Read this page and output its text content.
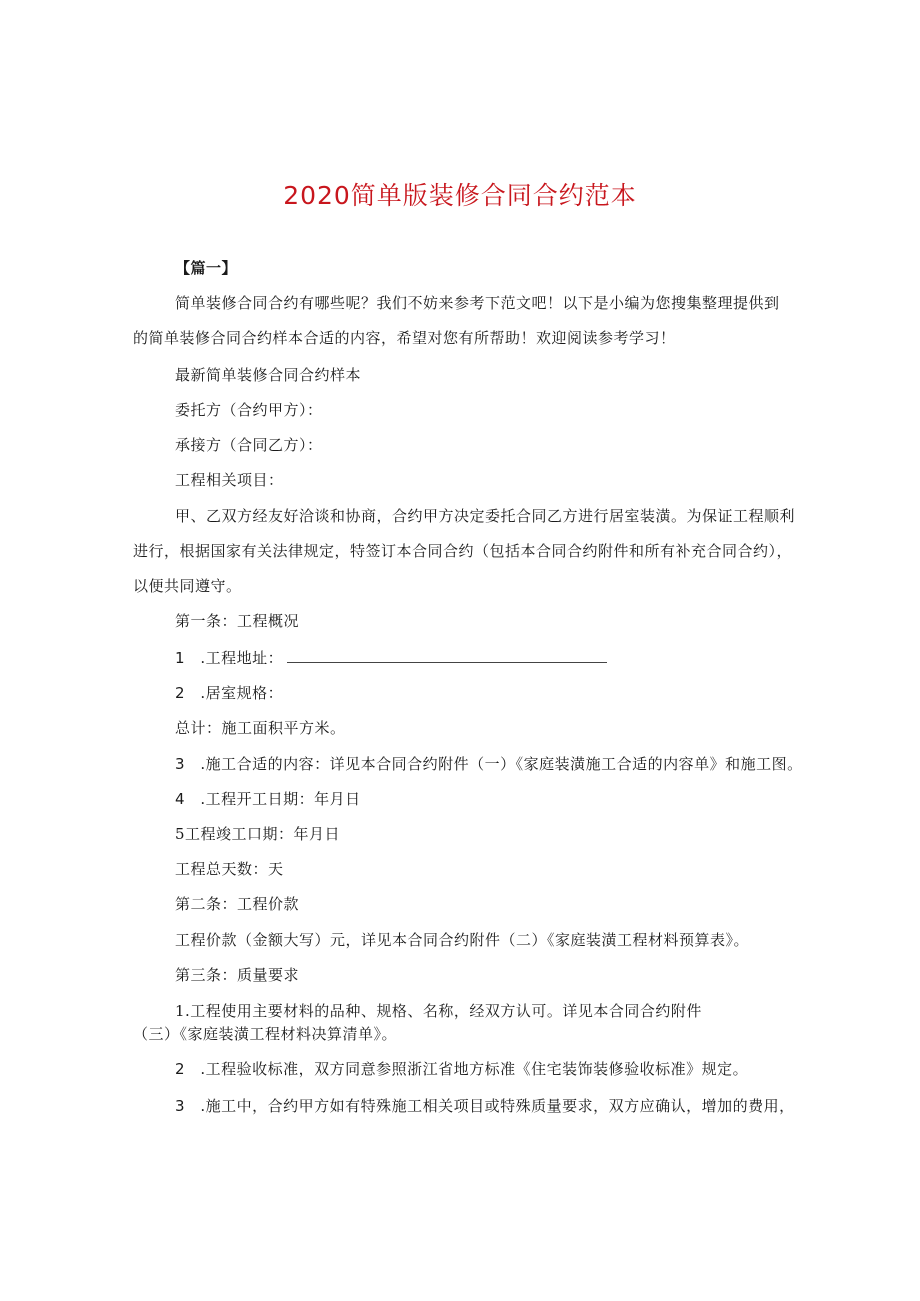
2020简单版装修合同合约范本
【篇一】
简单装修合同合约有哪些呢？我们不妨来参考下范文吧！以下是小编为您搜集整理提供到
的简单装修合同合约样本合适的内容，希望对您有所帮助！欢迎阅读参考学习！
最新简单装修合同合约样本
委托方（合约甲方）：
承接方（合同乙方）：
工程相关项目：
甲、乙双方经友好洽谈和协商，合约甲方决定委托合同乙方进行居室装潢。为保证工程顺利
进行，根据国家有关法律规定，特签订本合同合约（包括本合同合约附件和所有补充合同合约），
以便共同遵守。
第一条：工程概况
1 .工程地址：
2 .居室规格：
总计：施工面积平方米。
3 .施工合适的内容：详见本合同合约附件（一）《家庭装潢施工合适的内容单》和施工图。
4 .工程开工日期：年月日
5工程竣工口期：年月日
工程总天数：天
第二条：工程价款
工程价款（金额大写）元，详见本合同合约附件（二）《家庭装潢工程材料预算表》。
第三条：质量要求
1.工程使用主要材料的品种、规格、名称，经双方认可。详见本合同合约附件
（三）《家庭装潢工程材料决算清单》。
2 .工程验收标准，双方同意参照浙江省地方标准《住宅装饰装修验收标准》规定。
3 .施工中，合约甲方如有特殊施工相关项目或特殊质量要求，双方应确认，增加的费用，
